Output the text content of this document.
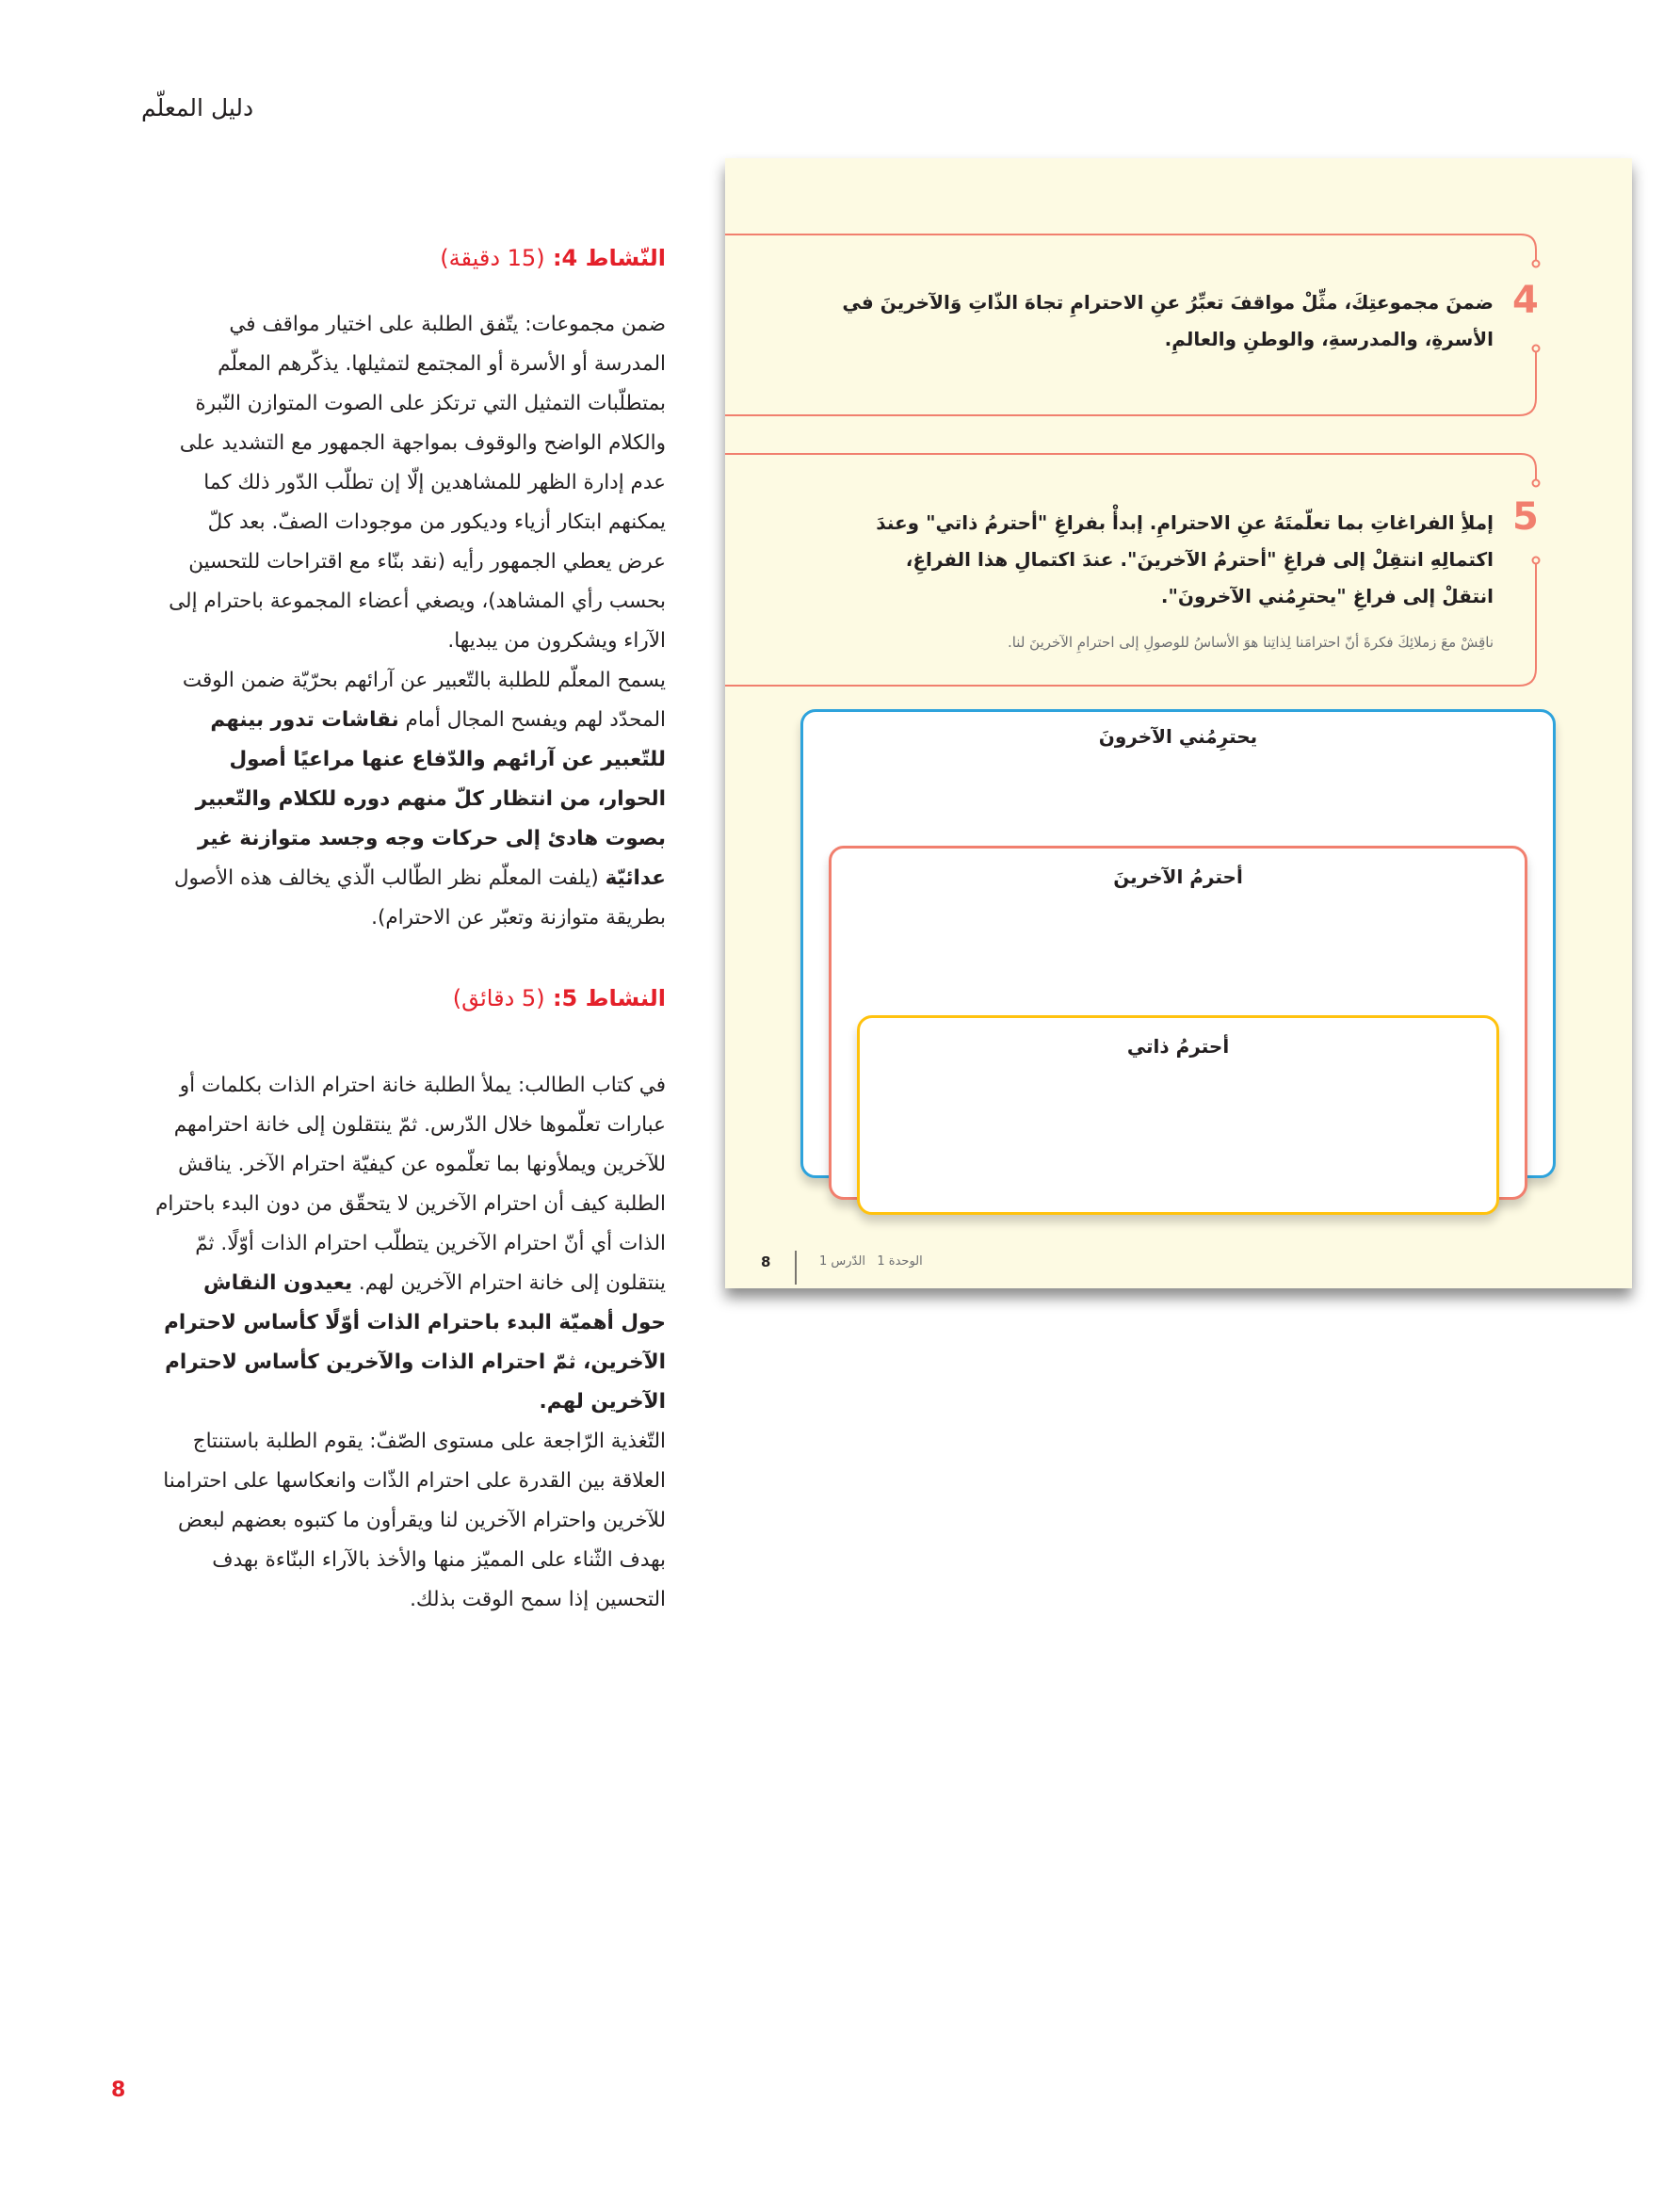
دليل المعلّم
النّشاط 4: (15 دقيقة)
ضمن مجموعات: يتّفق الطلبة على اختيار مواقف في المدرسة أو الأسرة أو المجتمع لتمثيلها. يذكّرهم المعلّم بمتطلّبات التمثيل التي ترتكز على الصوت المتوازن النّبرة والكلام الواضح والوقوف بمواجهة الجمهور مع التشديد على عدم إدارة الظهر للمشاهدين إلّا إن تطلّب الدّور ذلك كما يمكنهم ابتكار أزياء وديكور من موجودات الصفّ. بعد كلّ عرض يعطي الجمهور رأيه (نقد بنّاء مع اقتراحات للتحسين بحسب رأي المشاهد)، ويصغي أعضاء المجموعة باحترام إلى الآراء ويشكرون من يبديها.
يسمح المعلّم للطلبة بالتّعبير عن آرائهم بحرّيّة ضمن الوقت المحدّد لهم ويفسح المجال أمام نقاشات تدور بينهم للتّعبير عن آرائهم والدّفاع عنها مراعيًا أصول الحوار، من انتظار كلّ منهم دوره للكلام والتّعبير بصوت هادئ إلى حركات وجه وجسد متوازنة غير عدائيّة (يلفت المعلّم نظر الطّالب الّذي يخالف هذه الأصول بطريقة متوازنة وتعبّر عن الاحترام).
النشاط 5: (5 دقائق)
في كتاب الطالب: يملأ الطلبة خانة احترام الذات بكلمات أو عبارات تعلّموها خلال الدّرس. ثمّ ينتقلون إلى خانة احترامهم للآخرين ويملأونها بما تعلّموه عن كيفيّة احترام الآخر. يناقش الطلبة كيف أن احترام الآخرين لا يتحقّق من دون البدء باحترام الذات أي أنّ احترام الآخرين يتطلّب احترام الذات أوّلًا. ثمّ ينتقلون إلى خانة احترام الآخرين لهم. يعيدون النقاش حول أهميّة البدء باحترام الذات أوّلًا كأساس لاحترام الآخرين، ثمّ احترام الذات والآخرين كأساس لاحترام الآخرين لهم.
التّغذية الرّاجعة على مستوى الصّفّ: يقوم الطلبة باستنتاج العلاقة بين القدرة على احترام الذّات وانعكاسها على احترامنا للآخرين واحترام الآخرين لنا ويقرأون ما كتبوه بعضهم لبعض بهدف الثّناء على المميّز منها والأخذ بالآراء البنّاءة بهدف التحسين إذا سمح الوقت بذلك.
8
4
ضمنَ مجموعتِكَ، مثِّلْ مواقفَ تعبِّرُ عنِ الاحترامِ تجاهَ الذّاتِ وَالآخرينَ في الأسرةِ، والمدرسةِ، والوطنِ والعالمِ.
5
إملأِ الفراغاتِ بما تعلّمتَهُ عنِ الاحترامِ. إبدأْ بفراغِ "أحترمُ ذاتي" وعندَ اكتمالِهِ انتقِلْ إلى فراغِ "أحترمُ الآخرينَ". عندَ اكتمالِ هذا الفراغِ، انتقلْ إلى فراغِ "يحترِمُني الآخرونَ".
ناقِشْ معَ زملائِكَ فكرةَ أنّ احترامَنا لِذاتِنا هوَ الأساسُ للوصولِ إلى احترامِ الآخرينَ لنا.
يحترِمُني الآخرونَ
أحترمُ الآخرينَ
أحترمُ ذاتي
8	الوحدة 1   الدّرس 1
